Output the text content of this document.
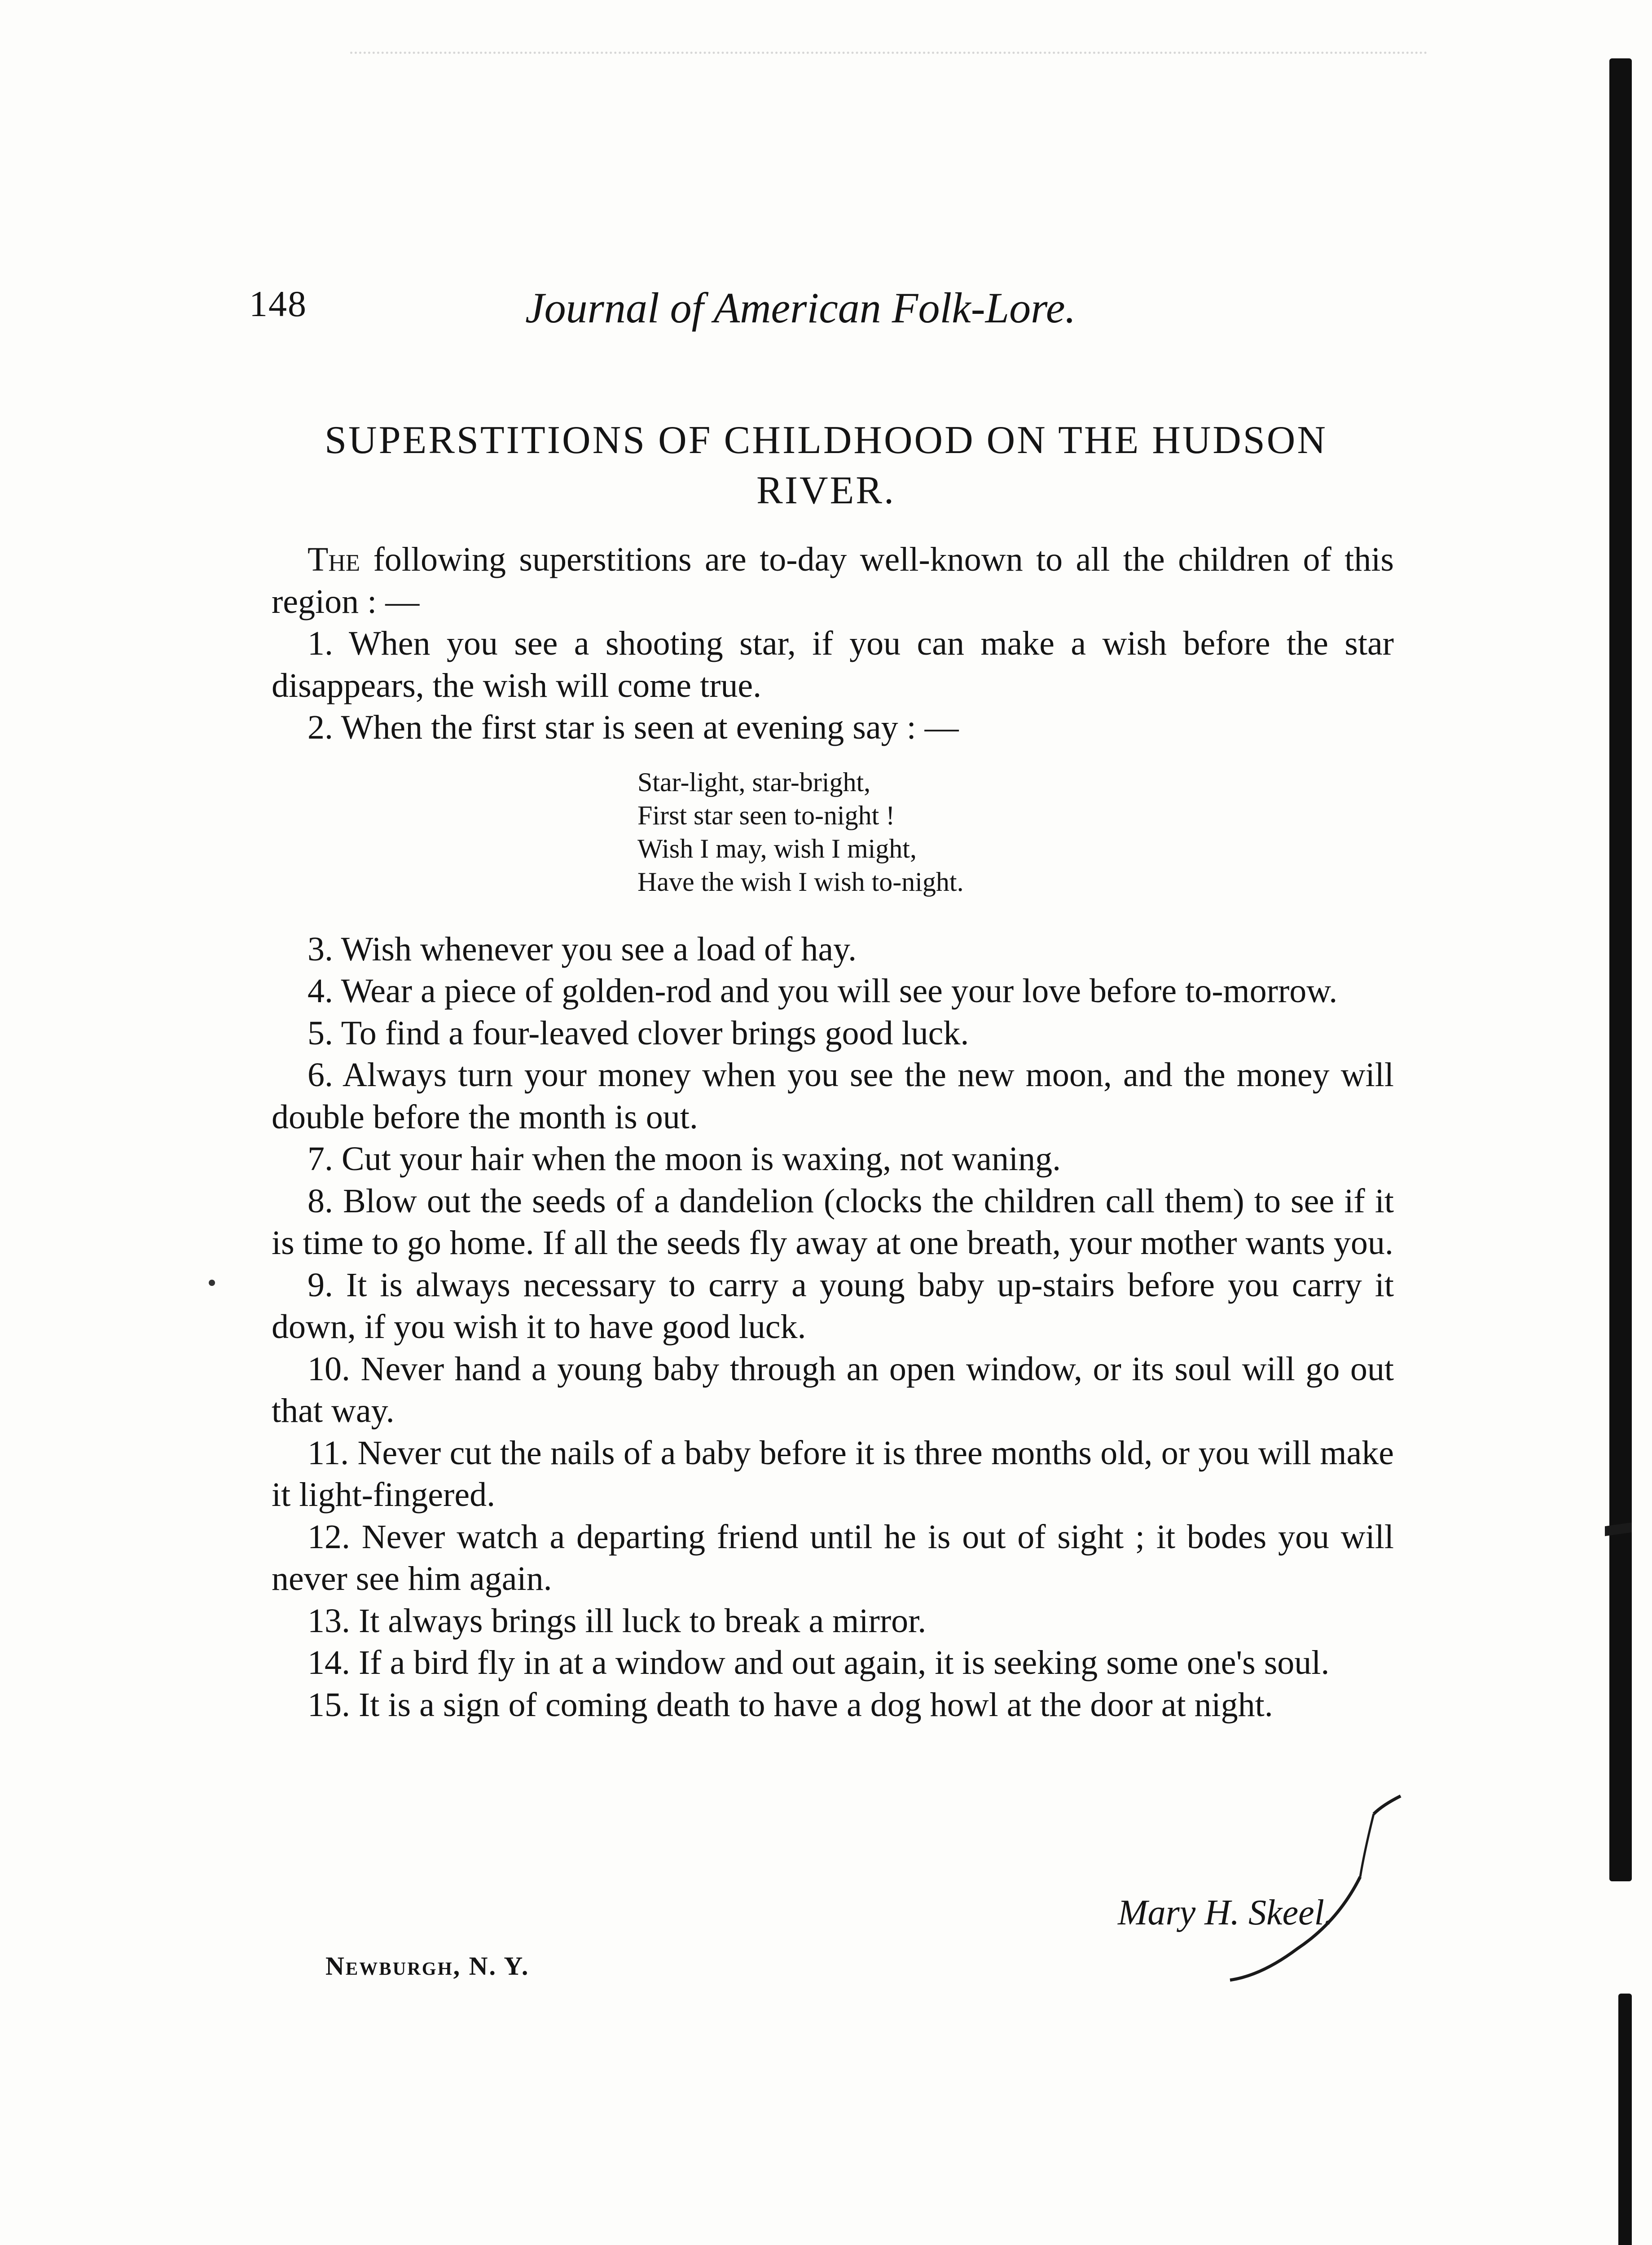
148	Journal of American Folk-Lore.
SUPERSTITIONS OF CHILDHOOD ON THE HUDSON RIVER.

The following superstitions are to-day well-known to all the children of this region : —

1. When you see a shooting star, if you can make a wish before the star disappears, the wish will come true.

2. When the first star is seen at evening say : —

3. Wish whenever you see a load of hay.

4. Wear a piece of golden-rod and you will see your love before to-morrow.

5. To find a four-leaved clover brings good luck.

6. Always turn your money when you see the new moon, and the money will double before the month is out.

7. Cut your hair when the moon is waxing, not waning.

8. Blow out the seeds of a dandelion (clocks the children call them) to see if it is time to go home. If all the seeds fly away at one breath, your mother wants you.

9. It is always necessary to carry a young baby up-stairs before you carry it down, if you wish it to have good luck.

10. Never hand a young baby through an open window, or its soul will go out that way.

11. Never cut the nails of a baby before it is three months old, or you will make it light-fingered.

12. Never watch a departing friend until he is out of sight ; it bodes you will never see him again.

13. It always brings ill luck to break a mirror.

14. If a bird fly in at a window and out again, it is seeking some one's soul.

15. It is a sign of coming death to have a dog howl at the door at night.

Star-light, star-bright,
First star seen to-night !
Wish I may, wish I might,
Have the wish I wish to-night.
Mary H. Skeel.
Newburgh, N. Y.
